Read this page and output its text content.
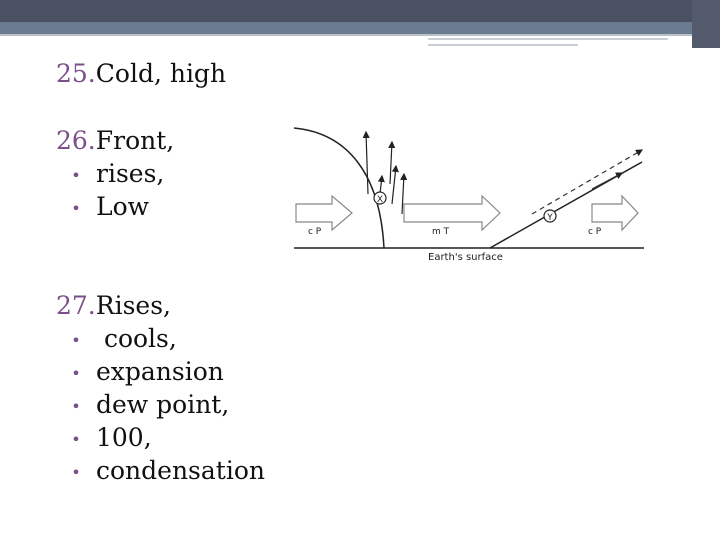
25.Cold, high
26.Front,
• rises,
• Low
27.Rises,
• cools,
• expansion
• dew point,
• 100,
• condensation
X
Y
c P	m T	c P
Earth's surface
